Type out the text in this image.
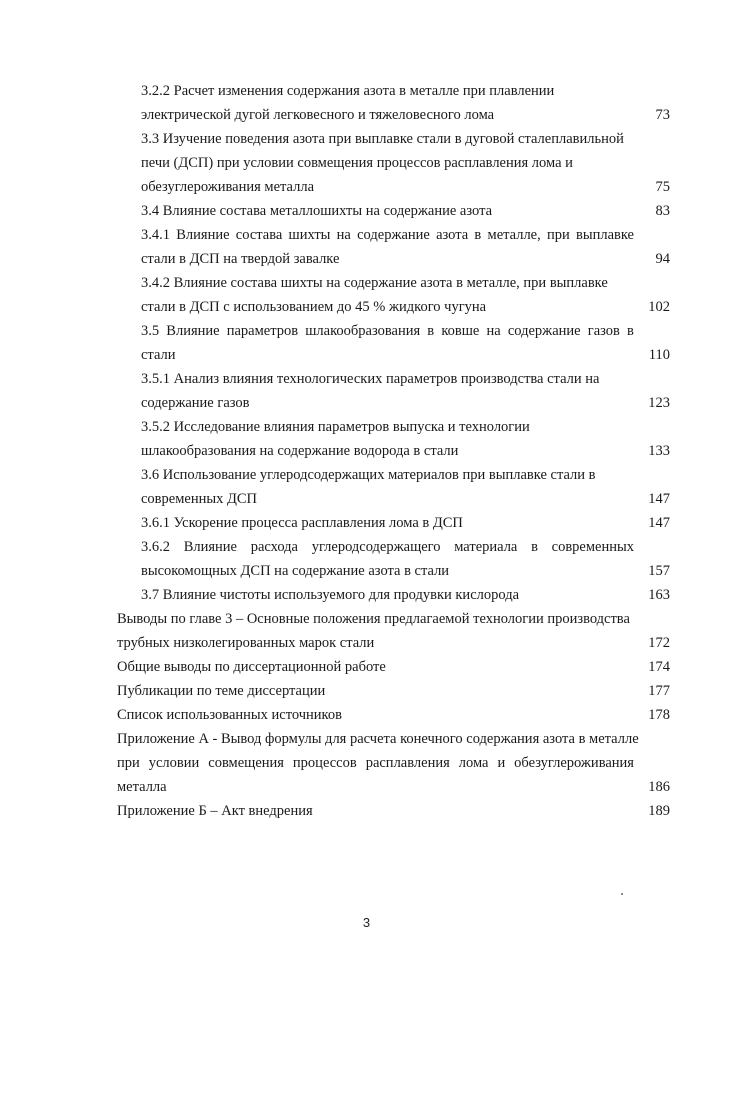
3.2.2 Расчет изменения содержания азота в металле при плавлении
электрической дугой легковесного и тяжеловесного лома	73
3.3 Изучение поведения азота при выплавке стали в дуговой сталеплавильной
печи (ДСП) при условии совмещения процессов расплавления лома и
обезуглероживания металла	75
3.4 Влияние состава металлошихты на содержание азота	83
3.4.1 Влияние состава шихты на содержание азота в металле, при выплавке
стали в ДСП на твердой завалке	94
3.4.2 Влияние состава шихты на содержание азота в металле, при выплавке
стали в ДСП с использованием до 45 % жидкого чугуна	102
3.5 Влияние параметров шлакообразования в ковше на содержание газов в
стали	110
3.5.1 Анализ влияния технологических параметров производства стали на
содержание газов	123
3.5.2 Исследование влияния параметров выпуска и технологии
шлакообразования на содержание водорода в стали	133
3.6 Использование углеродсодержащих материалов при выплавке стали в
современных ДСП	147
3.6.1 Ускорение процесса расплавления лома в ДСП	147
3.6.2 Влияние расхода углеродсодержащего материала в современных
высокомощных ДСП на содержание азота в стали	157
3.7 Влияние чистоты используемого для продувки кислорода	163
Выводы по главе 3 – Основные положения предлагаемой технологии производства
трубных низколегированных марок стали	172
Общие выводы по диссертационной работе	174
Публикации по теме диссертации	177
Список использованных источников	178
Приложение А - Вывод формулы для расчета конечного содержания азота в металле
при условии совмещения процессов расплавления лома и обезуглероживания
металла	186
Приложение Б – Акт внедрения	189
3
